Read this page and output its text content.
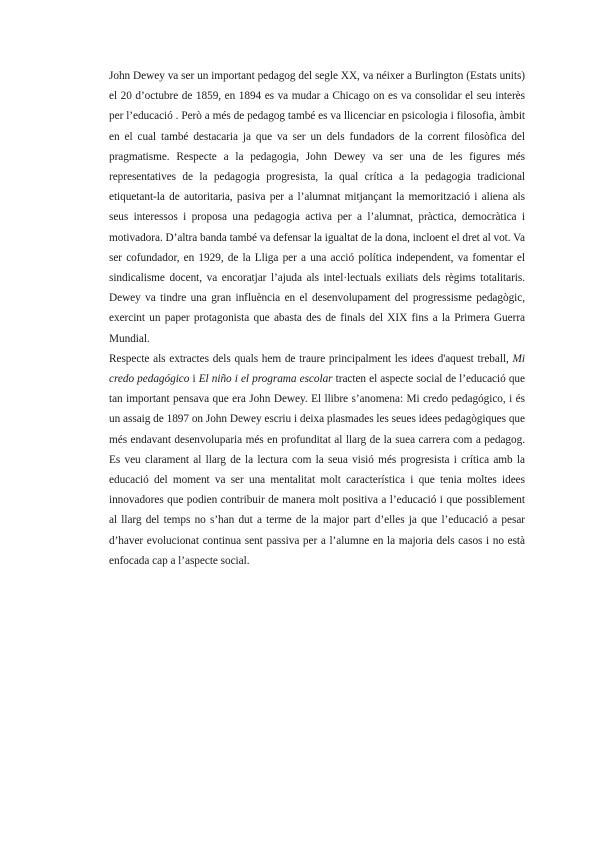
John Dewey va ser un important pedagog del segle XX, va néixer a Burlington (Estats units) el 20 d’octubre de 1859, en 1894 es va mudar a Chicago on es va consolidar el seu interès per l’educació . Però a més de pedagog també es va llicenciar en psicologia i filosofia, àmbit en el cual també destacaria ja que va ser un dels fundadors de la corrent filosòfica del pragmatisme. Respecte a la pedagogia, John Dewey va ser una de les figures més representatives de la pedagogia progresista, la qual crítica a la pedagogia tradicional etiquetant-la de autoritaria, pasiva per a l’alumnat mitjançant la memorització i aliena als seus interessos i proposa una pedagogia activa per a l’alumnat, pràctica, democràtica i motivadora. D’altra banda també va defensar la igualtat de la dona, incloent el dret al vot. Va ser cofundador, en 1929, de la Lliga per a una acció política independent, va fomentar el sindicalisme docent, va encoratjar l’ajuda als intel·lectuals exiliats dels règims totalitaris. Dewey va tindre una gran influència en el desenvolupament del progressisme pedagògic, exercint un paper protagonista que abasta des de finals del XIX fins a la Primera Guerra Mundial.

Respecte als extractes dels quals hem de traure principalment les idees d'aquest treball, Mi credo pedagógico i El niño i el programa escolar tracten el aspecte social de l’educació que tan important pensava que era John Dewey. El llibre s’anomena: Mi credo pedagógico, i és un assaig de 1897 on John Dewey escriu i deixa plasmades les seues idees pedagògiques que més endavant desenvoluparia més en profunditat al llarg de la suea carrera com a pedagog. Es veu clarament al llarg de la lectura com la seua visió més progresista i crítica amb la educació del moment va ser una mentalitat molt característica i que tenia moltes idees innovadores que podien contribuir de manera molt positiva a l’educació i que possiblement al llarg del temps no s’han dut a terme de la major part d’elles ja que l’educació a pesar d’haver evolucionat continua sent passiva per a l’alumne en la majoria dels casos i no està enfocada cap a l’aspecte social.
